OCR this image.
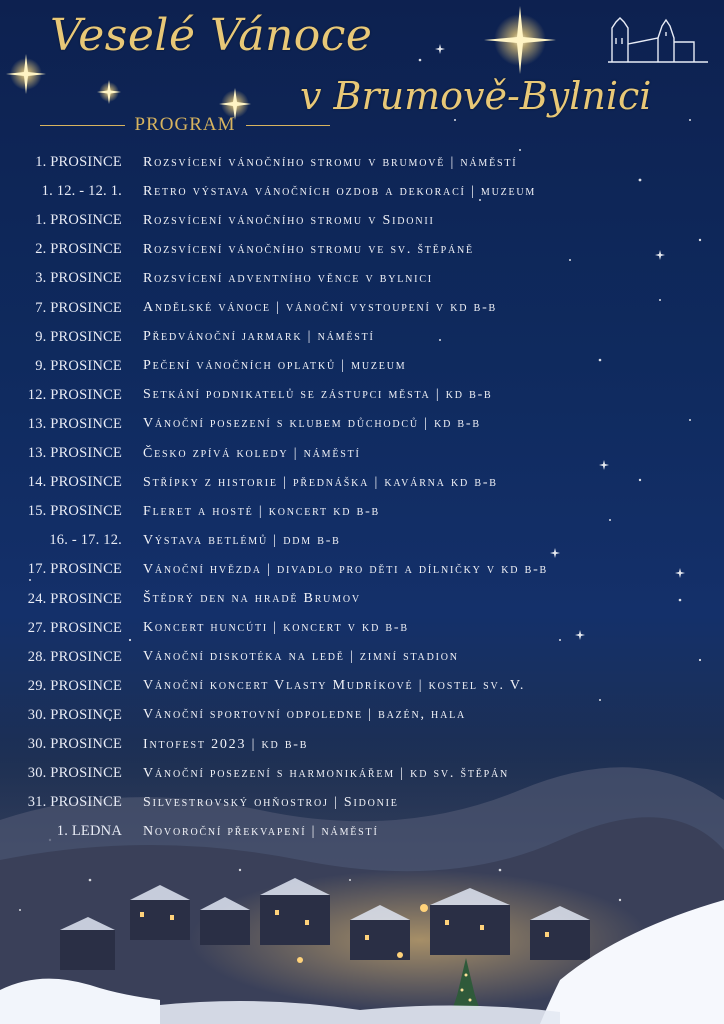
Veselé Vánoce
v Brumově-Bylnici
PROGRAM
1. PROSINCE Rozsvícení vánočního stromu v brumově | náměstí
1. 12. - 12. 1. Retro výstava vánočních ozdob a dekorací | muzeum
1. PROSINCE Rozsvícení vánočního stromu v Sidonii
2. PROSINCE Rozsvícení vánočního stromu ve sv. štěpáně
3. PROSINCE Rozsvícení adventního věnce v bylnici
7. PROSINCE Andělské vánoce | vánoční vystoupení v kd b-b
9. PROSINCE Předvánoční jarmark | náměstí
9. PROSINCE Pečení vánočních oplatků | muzeum
12. PROSINCE Setkání podnikatelů se zástupci města | kd b-b
13. PROSINCE Vánoční posezení s klubem důchodců | kd b-b
13. PROSINCE Česko zpívá koledy | náměstí
14. PROSINCE Střípky z historie | přednáška | kavárna kd b-b
15. PROSINCE Fleret a hosté | koncert kd b-b
16. - 17. 12. Výstava betlémů | ddm b-b
17. PROSINCE Vánoční hvězda | divadlo pro děti a dílničky v kd b-b
24. PROSINCE Štědrý den na hradě Brumov
27. PROSINCE Koncert huncúti | koncert v kd b-b
28. PROSINCE Vánoční diskotéka na ledě | zimní stadion
29. PROSINCE Vánoční koncert Vlasty Mudríkové | kostel sv. V.
30. PROSINCE Vánoční sportovní odpoledne | bazén, hala
30. PROSINCE Intofest 2023 | kd b-b
30. PROSINCE Vánoční posezení s harmonikářem | kd sv. štěpán
31. PROSINCE Silvestrovský ohňostroj | Sidonie
1. LEDNA Novoroční překvapení | náměstí
